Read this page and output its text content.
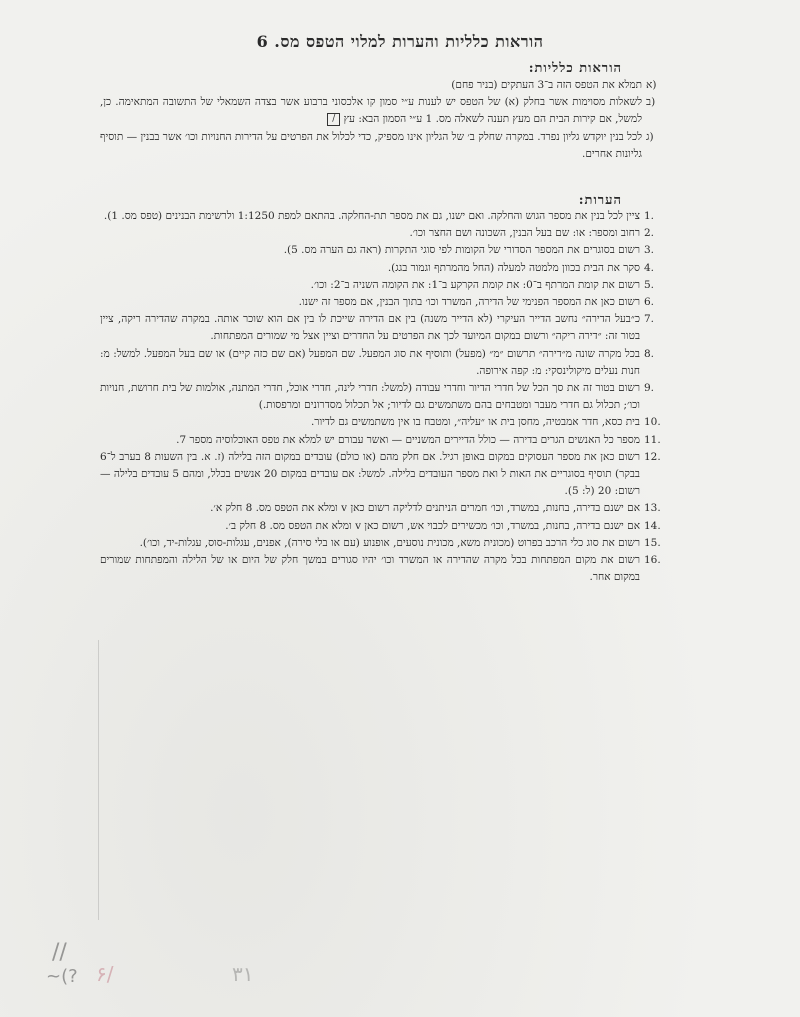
הוראות כלליות והערות למלוי הטפס מס. 6
הוראות כלליות:
א)
תמלא את הטפס הזה ב־3 העתקים (בניר פחם)
ב)
לשאלות מסוימות אשר בחלק (א) של הטפס יש לענות ע״י סמון קו אלכסוני ברבוע אשר בצדה השמאלי של התשובה המתאימה. כן, למשל, אם קירות הבית הם מעץ תענה לשאלה מס. 1 ע״י הסמון הבא: עץ /
ג)
לכל בנין יוקדש גליון נפרד. במקרה שחלק ב׳ של הגליון אינו מספיק, כדי לכלול את הפרטים על הדירות החנויות וכו׳ אשר בבנין — תוסיף גליונות אחרים.
הערות:
1.
ציין לכל בנין את מספר הגוש והחלקה. ואם ישנו, גם את מספר תת-החלקה. בהתאם למפת 1:1250 ולרשימת הבנינים (טפס מס. 1).
2.
רחוב ומספר: או: שם בעל הבנין, השכונה ושם החצר וכו׳.
3.
רשום בסוגרים את המספר הסדורי של הקומות לפי סוגי התקרות (ראה גם הערה מס. 5).
4.
סקר את הבית בכוון מלמטה למעלה (החל מהמרתף וגמור בגג).
5.
רשום את קומת המרתף ב־0: את קומת הקרקע ב־1: את הקומה השניה ב־2: וכו׳.
6.
רשום כאן את המספר הפנימי של הדירה, המשרד וכו׳ בתוך הבנין, אם מספר זה ישנו.
7.
כ״בעל הדירה״ נחשב הדייר העיקרי (לא הדייר משנה) בין אם הדירה שייכת לו בין אם הוא שוכר אותה. במקרה שהדירה ריקה, ציין בטור זה: ״דירה ריקה״ ורשום במקום המיועד לכך את הפרטים על החדרים וציין אצל מי שמורים המפתחות.
8.
בכל מקרה שונה מ״דירה״ תרשום ״מ״ (מפעל) ותוסיף את סוג המפעל. שם המפעל (אם שם כזה קיים) או שם בעל המפעל. למשל: מ: חנות נעלים מיקולינסקי: מ: קפה אירופה.
9.
רשום בטור זה את סך הכל של חדרי הדיור וחדרי עבודה (למשל: חדרי לינה, חדרי אוכל, חדרי המתנה, אולמות של בית חרושת, חנויות וכו׳; תכלול גם חדרי מעבר ומטבחים בהם משתמשים גם לדיור; אל תכלול מסדרונים ומרפסות.)
10.
בית כסא, חדר אמבטיה, מחסן בית או ״עליה״, ומטבח בו אין משתמשים גם לדיור.
11.
מספר כל האנשים הגרים בדירה — כולל הדיירים המשניים — ואשר עבורם יש למלא את טפס האוכלוסיה מספר 7.
12.
רשום כאן את מספר העסוקים במקום באופן רגיל. אם חלק מהם (או כולם) עובדים במקום הזה בלילה (ז. א. בין השעות 8 בערב ל־6 בבקר) תוסיף בסוגריים את האות ל ואת מספר העובדים בלילה. למשל: אם עובדים במקום 20 אנשים בכלל, ומהם 5 עובדים בלילה — רשום: 20 (ל: 5).
13.
אם ישנם בדירה, בחנות, במשרד, וכו׳ חמרים הניתנים לדליקה רשום כאן v ומלא את הטפס מס. 8 חלק א׳.
14.
אם ישנם בדירה, בחנות, במשרד, וכו׳ מכשירים לכבוי אש, רשום כאן v ומלא את הטפס מס. 8 חלק ב׳.
15.
רשום את סוג כלי הרכב בפרוט (מכונית משא, מכונית נוסעים, אופנוע (עם או בלי סירה), אפנים, עגלות-סוס, עגלות-יד, וכו׳).
16.
רשום את מקום המפתחות בכל מקרה שהדירה או המשרד וכו׳ יהיו סגורים במשך חלק של היום או של הלילה והמפתחות שמורים במקום אחר.
//
~(? ۶/	۳۱
